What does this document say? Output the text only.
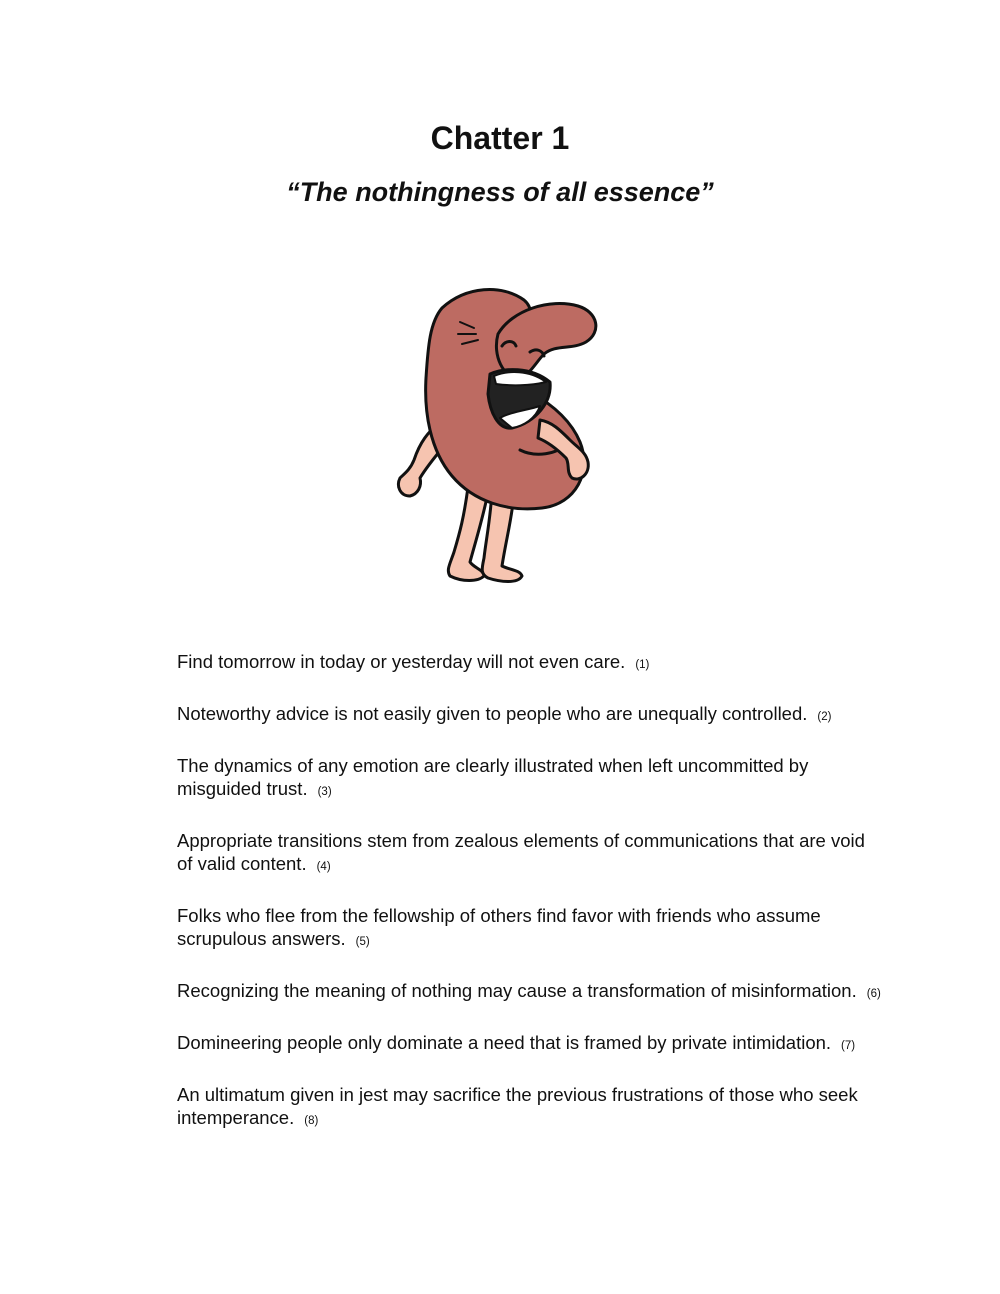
Chatter 1
“The nothingness of all essence”
Find tomorrow in today or yesterday will not even care. (1)
Noteworthy advice is not easily given to people who are unequally controlled. (2)
The dynamics of any emotion are clearly illustrated when left uncommitted by misguided trust. (3)
Appropriate transitions stem from zealous elements of communications that are void of valid content. (4)
Folks who flee from the fellowship of others find favor with friends who assume scrupulous answers. (5)
Recognizing the meaning of nothing may cause a transformation of misinformation. (6)
Domineering people only dominate a need that is framed by private intimidation. (7)
An ultimatum given in jest may sacrifice the previous frustrations of those who seek intemperance. (8)
